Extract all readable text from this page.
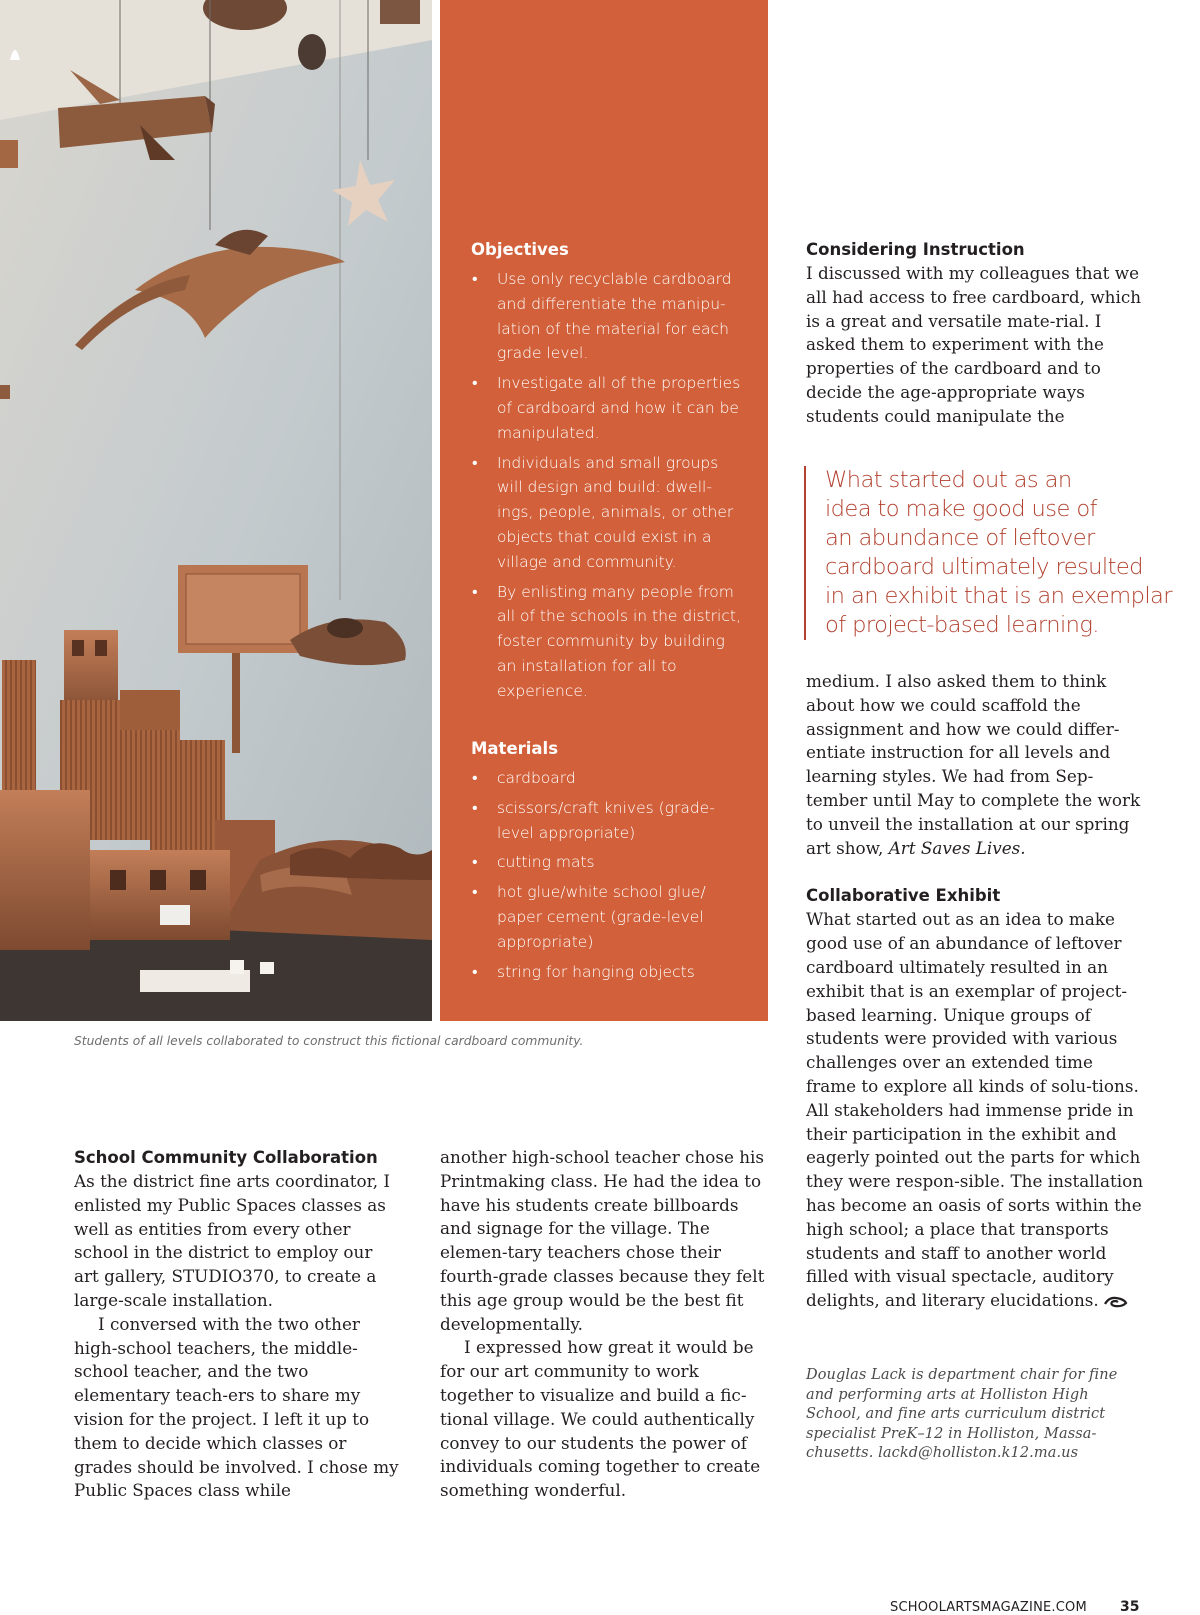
Objectives
• Use only recyclable cardboard and differentiate the manipu-lation of the material for each grade level.
• Investigate all of the properties of cardboard and how it can be manipulated.
• Individuals and small groups will design and build: dwell-ings, people, animals, or other objects that could exist in a village and community.
• By enlisting many people from all of the schools in the district, foster community by building an installation for all to experience.
Materials
• cardboard
• scissors/craft knives (grade-level appropriate)
• cutting mats
• hot glue/white school glue/ paper cement (grade-level appropriate)
• string for hanging objects
Students of all levels collaborated to construct this fictional cardboard community.

School Community Collaboration

As the district fine arts coordinator, I enlisted my Public Spaces classes as well as entities from every other school in the district to employ our art gallery, STUDIO370, to create a large-scale installation.

I conversed with the two other high-school teachers, the middle-school teacher, and the two elementary teach-ers to share my vision for the project. I left it up to them to decide which classes or grades should be involved. I chose my Public Spaces class while

another high-school teacher chose his Printmaking class. He had the idea to have his students create billboards and signage for the village. The elemen-tary teachers chose their fourth-grade classes because they felt this age group would be the best fit developmentally.

I expressed how great it would be for our art community to work together to visualize and build a fic-tional village. We could authentically convey to our students the power of individuals coming together to create something wonderful.

Considering Instruction

I discussed with my colleagues that we all had access to free cardboard, which is a great and versatile mate-rial. I asked them to experiment with the properties of the cardboard and to decide the age-appropriate ways students could manipulate the

What started out as an
idea to make good use of
an abundance of leftover
cardboard ultimately resulted
in an exhibit that is an exemplar
of project-based learning.

medium. I also asked them to think about how we could scaffold the assignment and how we could differ-entiate instruction for all levels and learning styles. We had from Sep-tember until May to complete the work to unveil the installation at our spring art show, Art Saves Lives.

Collaborative Exhibit

What started out as an idea to make good use of an abundance of leftover cardboard ultimately resulted in an exhibit that is an exemplar of project-based learning. Unique groups of students were provided with various challenges over an extended time frame to explore all kinds of solu-tions. All stakeholders had immense pride in their participation in the exhibit and eagerly pointed out the parts for which they were respon-sible. The installation has become an oasis of sorts within the high school; a place that transports students and staff to another world filled with visual spectacle, auditory delights, and literary elucidations.

Douglas Lack is department chair for fine and performing arts at Holliston High School, and fine arts curriculum district specialist PreK–12 in Holliston, Massa-chusetts. lackd@holliston.k12.ma.us

SCHOOLARTSMAGAZINE.COM 35
